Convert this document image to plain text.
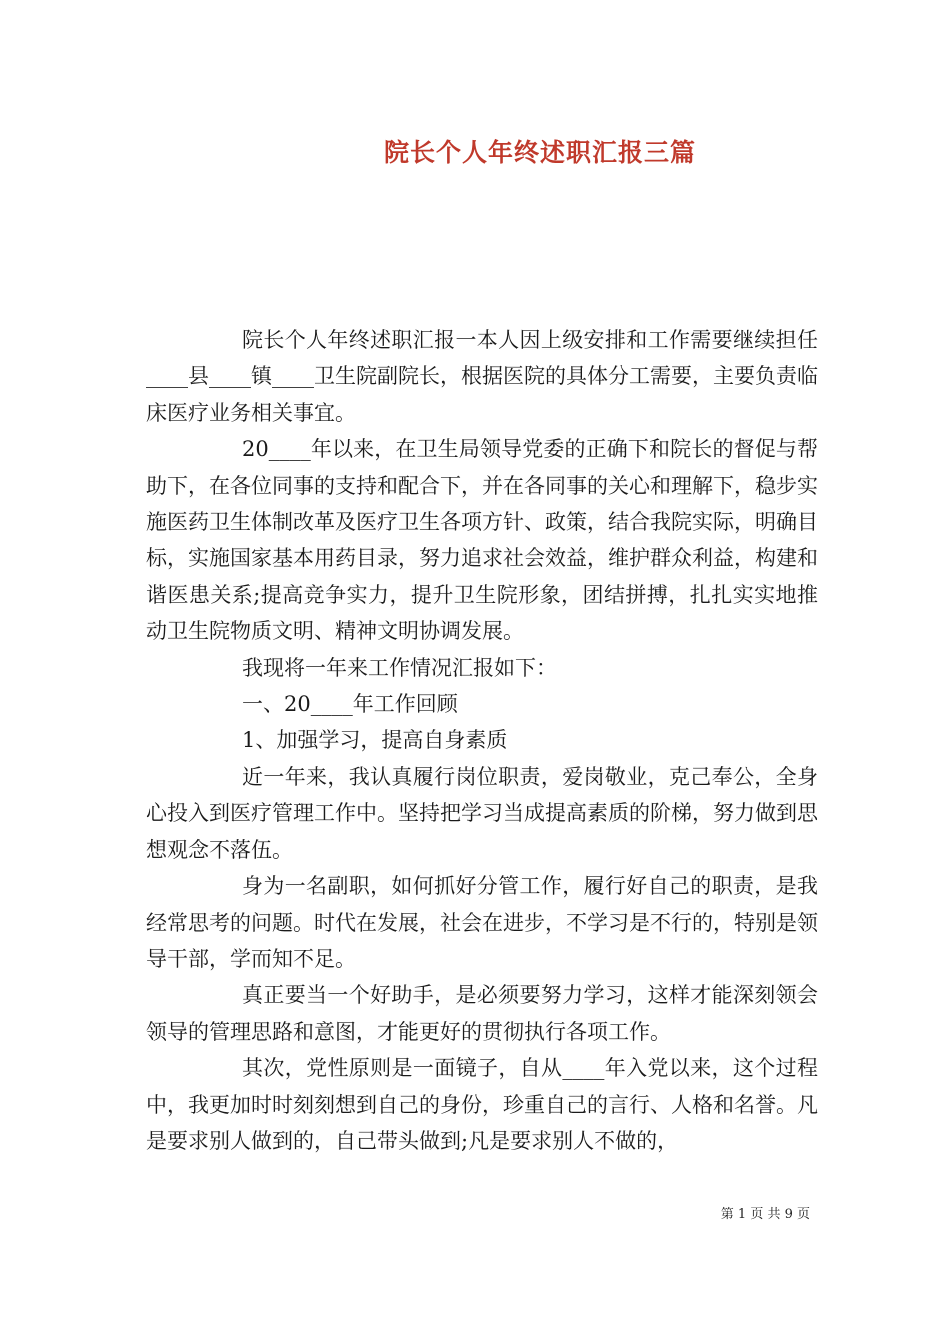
院长个人年终述职汇报三篇

院长个人年终述职汇报一本人因上级安排和工作需要继续担任____县____镇____卫生院副院长，根据医院的具体分工需要，主要负责临床医疗业务相关事宜。

20____年以来，在卫生局领导党委的正确下和院长的督促与帮助下，在各位同事的支持和配合下，并在各同事的关心和理解下，稳步实施医药卫生体制改革及医疗卫生各项方针、政策，结合我院实际，明确目标，实施国家基本用药目录，努力追求社会效益，维护群众利益，构建和谐医患关系;提高竞争实力，提升卫生院形象，团结拼搏，扎扎实实地推动卫生院物质文明、精神文明协调发展。

我现将一年来工作情况汇报如下：

一、20____年工作回顾

1、加强学习，提高自身素质

近一年来，我认真履行岗位职责，爱岗敬业，克己奉公，全身心投入到医疗管理工作中。坚持把学习当成提高素质的阶梯，努力做到思想观念不落伍。

身为一名副职，如何抓好分管工作，履行好自己的职责，是我经常思考的问题。时代在发展，社会在进步，不学习是不行的，特别是领导干部，学而知不足。

真正要当一个好助手，是必须要努力学习，这样才能深刻领会领导的管理思路和意图，才能更好的贯彻执行各项工作。

其次，党性原则是一面镜子，自从____年入党以来，这个过程中，我更加时时刻刻想到自己的身份，珍重自己的言行、人格和名誉。凡是要求别人做到的，自己带头做到;凡是要求别人不做的，

第 1 页 共 9 页
